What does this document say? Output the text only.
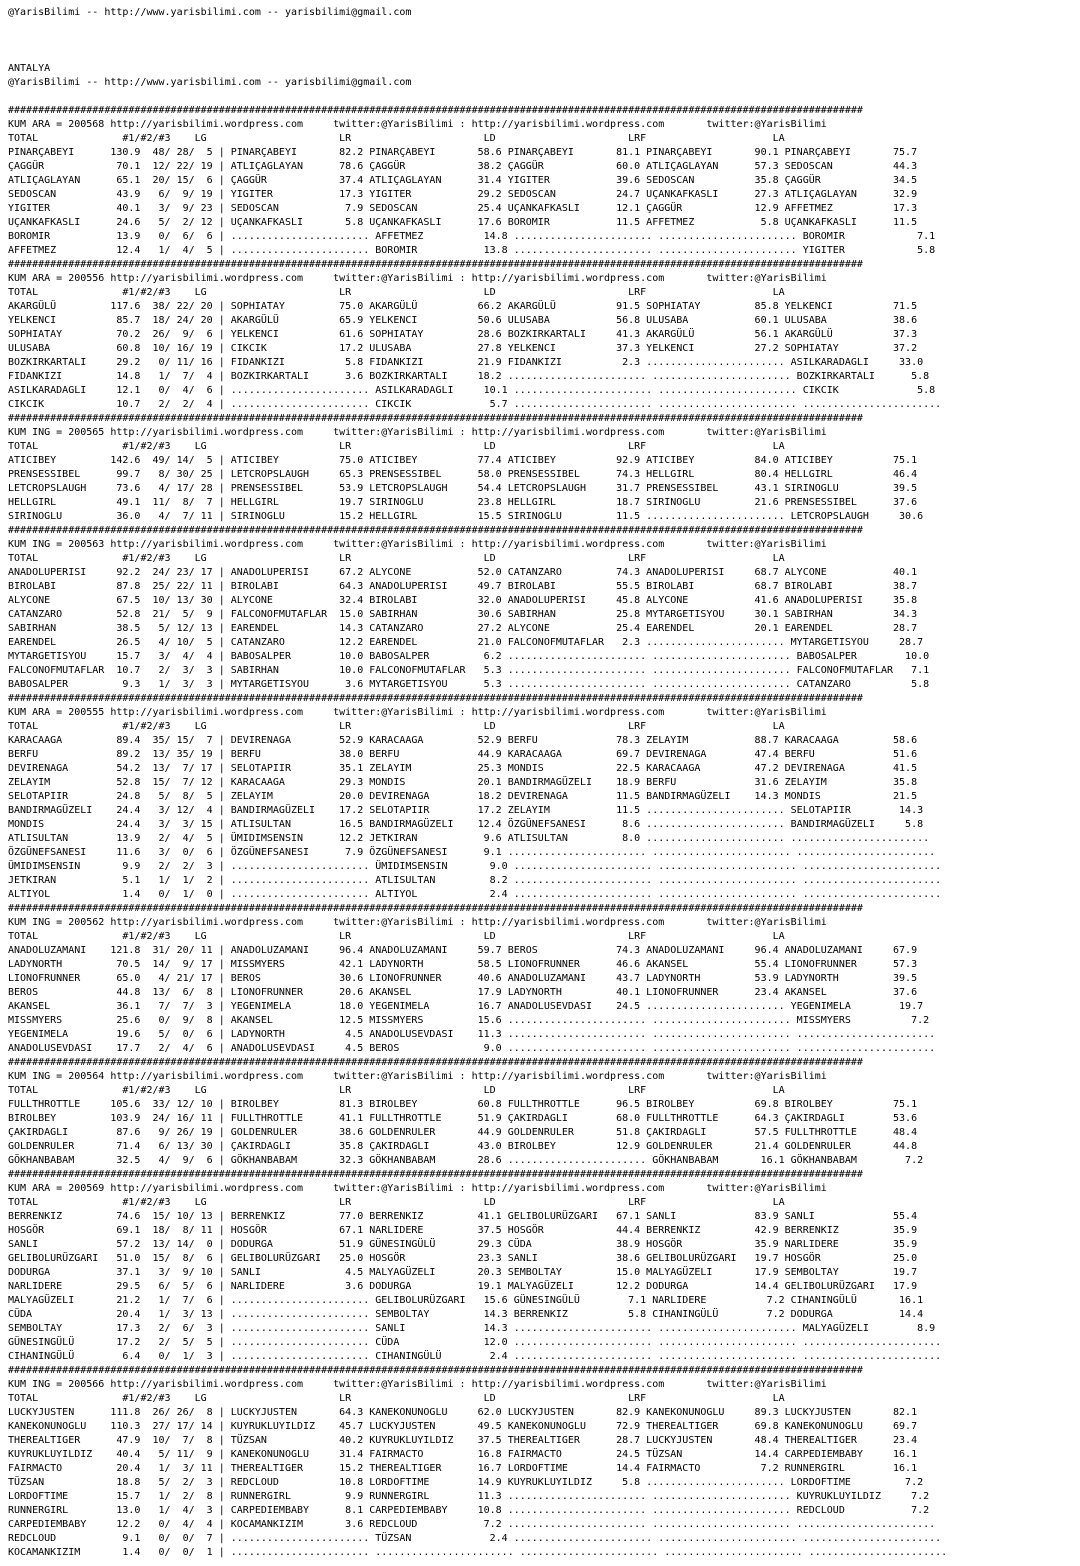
@YarisBilimi -- http://www.yarisbilimi.com -- yarisbilimi@gmail.com
ANTALYA
@YarisBilimi -- http://www.yarisbilimi.com -- yarisbilimi@gmail.com
##############################################################################################################################################
KUM ARA = 200568 http://yarisbilimi.wordpress.com     twitter:@YarisBilimi : http://yarisbilimi.wordpress.com       twitter:@YarisBilimi
TOTAL              #1/#2/#3    LG                      LR                      LD                      LRF                     LA
PINARÇABEYI      130.9  48/ 28/  5 | PINARÇABEYI       82.2 PINARÇABEYI       58.6 PINARÇABEYI       81.1 PINARÇABEYI       90.1 PINARÇABEYI       75.7
ÇAGGÜR            70.1  12/ 22/ 19 | ATLIÇAGLAYAN      78.6 ÇAGGÜR            38.2 ÇAGGÜR            60.0 ATLIÇAGLAYAN      57.3 SEDOSCAN          44.3
ATLIÇAGLAYAN      65.1  20/ 15/  6 | ÇAGGÜR            37.4 ATLIÇAGLAYAN      31.4 YIGITER           39.6 SEDOSCAN          35.8 ÇAGGÜR            34.5
SEDOSCAN          43.9   6/  9/ 19 | YIGITER           17.3 YIGITER           29.2 SEDOSCAN          24.7 UÇANKAFKASLI      27.3 ATLIÇAGLAYAN      32.9
YIGITER           40.1   3/  9/ 23 | SEDOSCAN           7.9 SEDOSCAN          25.4 UÇANKAFKASLI      12.1 ÇAGGÜR            12.9 AFFETMEZ          17.3
UÇANKAFKASLI      24.6   5/  2/ 12 | UÇANKAFKASLI       5.8 UÇANKAFKASLI      17.6 BOROMIR           11.5 AFFETMEZ           5.8 UÇANKAFKASLI      11.5
BOROMIR           13.9   0/  6/  6 | ....................... AFFETMEZ          14.8 ....................... ....................... BOROMIR            7.1
AFFETMEZ          12.4   1/  4/  5 | ....................... BOROMIR           13.8 ....................... ....................... YIGITER            5.8
##############################################################################################################################################
KUM ARA = 200556 http://yarisbilimi.wordpress.com     twitter:@YarisBilimi : http://yarisbilimi.wordpress.com       twitter:@YarisBilimi
TOTAL              #1/#2/#3    LG                      LR                      LD                      LRF                     LA
AKARGÜLÜ         117.6  38/ 22/ 20 | SOPHIATAY         75.0 AKARGÜLÜ          66.2 AKARGÜLÜ          91.5 SOPHIATAY         85.8 YELKENCI          71.5
YELKENCI          85.7  18/ 24/ 20 | AKARGÜLÜ          65.9 YELKENCI          50.6 ULUSABA           56.8 ULUSABA           60.1 ULUSABA           38.6
SOPHIATAY         70.2  26/  9/  6 | YELKENCI          61.6 SOPHIATAY         28.6 BOZKIRKARTALI     41.3 AKARGÜLÜ          56.1 AKARGÜLÜ          37.3
ULUSABA           60.8  10/ 16/ 19 | CIKCIK            17.2 ULUSABA           27.8 YELKENCI          37.3 YELKENCI          27.2 SOPHIATAY         37.2
BOZKIRKARTALI     29.2   0/ 11/ 16 | FIDANKIZI          5.8 FIDANKIZI         21.9 FIDANKIZI          2.3 ....................... ASILKARADAGLI     33.0
FIDANKIZI         14.8   1/  7/  4 | BOZKIRKARTALI      3.6 BOZKIRKARTALI     18.2 ....................... ....................... BOZKIRKARTALI      5.8
ASILKARADAGLI     12.1   0/  4/  6 | ....................... ASILKARADAGLI     10.1 ....................... ....................... CIKCIK             5.8
CIKCIK            10.7   2/  2/  4 | ....................... CIKCIK             5.7 ....................... ....................... .......................
##############################################################################################################################################
KUM ING = 200565 http://yarisbilimi.wordpress.com     twitter:@YarisBilimi : http://yarisbilimi.wordpress.com       twitter:@YarisBilimi
TOTAL              #1/#2/#3    LG                      LR                      LD                      LRF                     LA
ATICIBEY         142.6  49/ 14/  5 | ATICIBEY          75.0 ATICIBEY          77.4 ATICIBEY          92.9 ATICIBEY          84.0 ATICIBEY          75.1
PRENSESSIBEL      99.7   8/ 30/ 25 | LETCROPSLAUGH     65.3 PRENSESSIBEL      58.0 PRENSESSIBEL      74.3 HELLGIRL          80.4 HELLGIRL          46.4
LETCROPSLAUGH     73.6   4/ 17/ 28 | PRENSESSIBEL      53.9 LETCROPSLAUGH     54.4 LETCROPSLAUGH     31.7 PRENSESSIBEL      43.1 SIRINOGLU         39.5
HELLGIRL          49.1  11/  8/  7 | HELLGIRL          19.7 SIRINOGLU         23.8 HELLGIRL          18.7 SIRINOGLU         21.6 PRENSESSIBEL      37.6
SIRINOGLU         36.0   4/  7/ 11 | SIRINOGLU         15.2 HELLGIRL          15.5 SIRINOGLU         11.5 ....................... LETCROPSLAUGH     30.6
##############################################################################################################################################
KUM ING = 200563 http://yarisbilimi.wordpress.com     twitter:@YarisBilimi : http://yarisbilimi.wordpress.com       twitter:@YarisBilimi
TOTAL              #1/#2/#3    LG                      LR                      LD                      LRF                     LA
ANADOLUPERISI     92.2  24/ 23/ 17 | ANADOLUPERISI     67.2 ALYCONE           52.0 CATANZARO         74.3 ANADOLUPERISI     68.7 ALYCONE           40.1
BIROLABI          87.8  25/ 22/ 11 | BIROLABI          64.3 ANADOLUPERISI     49.7 BIROLABI          55.5 BIROLABI          68.7 BIROLABI          38.7
ALYCONE           67.5  10/ 13/ 30 | ALYCONE           32.4 BIROLABI          32.0 ANADOLUPERISI     45.8 ALYCONE           41.6 ANADOLUPERISI     35.8
CATANZARO         52.8  21/  5/  9 | FALCONOFMUTAFLAR  15.0 SABIRHAN          30.6 SABIRHAN          25.8 MYTARGETISYOU     30.1 SABIRHAN          34.3
SABIRHAN          38.5   5/ 12/ 13 | EARENDEL          14.3 CATANZARO         27.2 ALYCONE           25.4 EARENDEL          20.1 EARENDEL          28.7
EARENDEL          26.5   4/ 10/  5 | CATANZARO         12.2 EARENDEL          21.0 FALCONOFMUTAFLAR   2.3 ....................... MYTARGETISYOU     28.7
MYTARGETISYOU     15.7   3/  4/  4 | BABOSALPER        10.0 BABOSALPER         6.2 ....................... ....................... BABOSALPER        10.0
FALCONOFMUTAFLAR  10.7   2/  3/  3 | SABIRHAN          10.0 FALCONOFMUTAFLAR   5.3 ....................... ....................... FALCONOFMUTAFLAR   7.1
BABOSALPER         9.3   1/  3/  3 | MYTARGETISYOU      3.6 MYTARGETISYOU      5.3 ....................... ....................... CATANZARO          5.8
##############################################################################################################################################
KUM ARA = 200555 http://yarisbilimi.wordpress.com     twitter:@YarisBilimi : http://yarisbilimi.wordpress.com       twitter:@YarisBilimi
TOTAL              #1/#2/#3    LG                      LR                      LD                      LRF                     LA
KARACAAGA         89.4  35/ 15/  7 | DEVIRENAGA        52.9 KARACAAGA         52.9 BERFU             78.3 ZELAYIM           88.7 KARACAAGA         58.6
BERFU             89.2  13/ 35/ 19 | BERFU             38.0 BERFU             44.9 KARACAAGA         69.7 DEVIRENAGA        47.4 BERFU             51.6
DEVIRENAGA        54.2  13/  7/ 17 | SELOTAPIIR        35.1 ZELAYIM           25.3 MONDIS            22.5 KARACAAGA         47.2 DEVIRENAGA        41.5
ZELAYIM           52.8  15/  7/ 12 | KARACAAGA         29.3 MONDIS            20.1 BANDIRMAGÜZELI    18.9 BERFU             31.6 ZELAYIM           35.8
SELOTAPIIR        24.8   5/  8/  5 | ZELAYIM           20.0 DEVIRENAGA        18.2 DEVIRENAGA        11.5 BANDIRMAGÜZELI    14.3 MONDIS            21.5
BANDIRMAGÜZELI    24.4   3/ 12/  4 | BANDIRMAGÜZELI    17.2 SELOTAPIIR        17.2 ZELAYIM           11.5 ....................... SELOTAPIIR        14.3
MONDIS            24.4   3/  3/ 15 | ATLISULTAN        16.5 BANDIRMAGÜZELI    12.4 ÖZGÜNEFSANESI      8.6 ....................... BANDIRMAGÜZELI     5.8
ATLISULTAN        13.9   2/  4/  5 | ÜMIDIMSENSIN      12.2 JETKIRAN           9.6 ATLISULTAN         8.0 ....................... .......................
ÖZGÜNEFSANESI     11.6   3/  0/  6 | ÖZGÜNEFSANESI      7.9 ÖZGÜNEFSANESI      9.1 ....................... ....................... .......................
ÜMIDIMSENSIN       9.9   2/  2/  3 | ....................... ÜMIDIMSENSIN       9.0 ....................... ....................... .......................
JETKIRAN           5.1   1/  1/  2 | ....................... ATLISULTAN         8.2 ....................... ....................... .......................
ALTIYOL            1.4   0/  1/  0 | ....................... ALTIYOL            2.4 ....................... ....................... .......................
##############################################################################################################################################
KUM ING = 200562 http://yarisbilimi.wordpress.com     twitter:@YarisBilimi : http://yarisbilimi.wordpress.com       twitter:@YarisBilimi
TOTAL              #1/#2/#3    LG                      LR                      LD                      LRF                     LA
ANADOLUZAMANI    121.8  31/ 20/ 11 | ANADOLUZAMANI     96.4 ANADOLUZAMANI     59.7 BEROS             74.3 ANADOLUZAMANI     96.4 ANADOLUZAMANI     67.9
LADYNORTH         70.5  14/  9/ 17 | MISSMYERS         42.1 LADYNORTH         58.5 LIONOFRUNNER      46.6 AKANSEL           55.4 LIONOFRUNNER      57.3
LIONOFRUNNER      65.0   4/ 21/ 17 | BEROS             30.6 LIONOFRUNNER      40.6 ANADOLUZAMANI     43.7 LADYNORTH         53.9 LADYNORTH         39.5
BEROS             44.8  13/  6/  8 | LIONOFRUNNER      20.6 AKANSEL           17.9 LADYNORTH         40.1 LIONOFRUNNER      23.4 AKANSEL           37.6
AKANSEL           36.1   7/  7/  3 | YEGENIMELA        18.0 YEGENIMELA        16.7 ANADOLUSEVDASI    24.5 ....................... YEGENIMELA        19.7
MISSMYERS         25.6   0/  9/  8 | AKANSEL           12.5 MISSMYERS         15.6 ....................... ....................... MISSMYERS          7.2
YEGENIMELA        19.6   5/  0/  6 | LADYNORTH          4.5 ANADOLUSEVDASI    11.3 ....................... ....................... .......................
ANADOLUSEVDASI    17.7   2/  4/  6 | ANADOLUSEVDASI     4.5 BEROS              9.0 ....................... ....................... .......................
##############################################################################################################################################
KUM ING = 200564 http://yarisbilimi.wordpress.com     twitter:@YarisBilimi : http://yarisbilimi.wordpress.com       twitter:@YarisBilimi
TOTAL              #1/#2/#3    LG                      LR                      LD                      LRF                     LA
FULLTHROTTLE     105.6  33/ 12/ 10 | BIROLBEY          81.3 BIROLBEY          60.8 FULLTHROTTLE      96.5 BIROLBEY          69.8 BIROLBEY          75.1
BIROLBEY         103.9  24/ 16/ 11 | FULLTHROTTLE      41.1 FULLTHROTTLE      51.9 ÇAKIRDAGLI        68.0 FULLTHROTTLE      64.3 ÇAKIRDAGLI        53.6
ÇAKIRDAGLI        87.6   9/ 26/ 19 | GOLDENRULER       38.6 GOLDENRULER       44.9 GOLDENRULER       51.8 ÇAKIRDAGLI        57.5 FULLTHROTTLE      48.4
GOLDENRULER       71.4   6/ 13/ 30 | ÇAKIRDAGLI        35.8 ÇAKIRDAGLI        43.0 BIROLBEY          12.9 GOLDENRULER       21.4 GOLDENRULER       44.8
GÖKHANBABAM       32.5   4/  9/  6 | GÖKHANBABAM       32.3 GÖKHANBABAM       28.6 ....................... GÖKHANBABAM       16.1 GÖKHANBABAM        7.2
##############################################################################################################################################
KUM ARA = 200569 http://yarisbilimi.wordpress.com     twitter:@YarisBilimi : http://yarisbilimi.wordpress.com       twitter:@YarisBilimi
TOTAL              #1/#2/#3    LG                      LR                      LD                      LRF                     LA
BERRENKIZ         74.6  15/ 10/ 13 | BERRENKIZ         77.0 BERRENKIZ         41.1 GELIBOLURÜZGARI   67.1 SANLI             83.9 SANLI             55.4
HOSGÖR            69.1  18/  8/ 11 | HOSGÖR            67.1 NARLIDERE         37.5 HOSGÖR            44.4 BERRENKIZ         42.9 BERRENKIZ         35.9
SANLI             57.2  13/ 14/  0 | DODURGA           51.9 GÜNESINGÜLÜ       29.3 CÜDA              38.9 HOSGÖR            35.9 NARLIDERE         35.9
GELIBOLURÜZGARI   51.0  15/  8/  6 | GELIBOLURÜZGARI   25.0 HOSGÖR            23.3 SANLI             38.6 GELIBOLURÜZGARI   19.7 HOSGÖR            25.0
DODURGA           37.1   3/  9/ 10 | SANLI              4.5 MALYAGÜZELI       20.3 SEMBOLTAY         15.0 MALYAGÜZELI       17.9 SEMBOLTAY         19.7
NARLIDERE         29.5   6/  5/  6 | NARLIDERE          3.6 DODURGA           19.1 MALYAGÜZELI       12.2 DODURGA           14.4 GELIBOLURÜZGARI   17.9
MALYAGÜZELI       21.2   1/  7/  6 | ....................... GELIBOLURÜZGARI   15.6 GÜNESINGÜLÜ        7.1 NARLIDERE          7.2 CIHANINGÜLÜ       16.1
CÜDA              20.4   1/  3/ 13 | ....................... SEMBOLTAY         14.3 BERRENKIZ          5.8 CIHANINGÜLÜ        7.2 DODURGA           14.4
SEMBOLTAY         17.3   2/  6/  3 | ....................... SANLI             14.3 ....................... ....................... MALYAGÜZELI        8.9
GÜNESINGÜLÜ       17.2   2/  5/  5 | ....................... CÜDA              12.0 ....................... ....................... .......................
CIHANINGÜLÜ        6.4   0/  1/  3 | ....................... CIHANINGÜLÜ        2.4 ....................... ....................... .......................
##############################################################################################################################################
KUM ING = 200566 http://yarisbilimi.wordpress.com     twitter:@YarisBilimi : http://yarisbilimi.wordpress.com       twitter:@YarisBilimi
TOTAL              #1/#2/#3    LG                      LR                      LD                      LRF                     LA
LUCKYJUSTEN      111.8  26/ 26/  8 | LUCKYJUSTEN       64.3 KANEKONUNOGLU     62.0 LUCKYJUSTEN       82.9 KANEKONUNOGLU     89.3 LUCKYJUSTEN       82.1
KANEKONUNOGLU    110.3  27/ 17/ 14 | KUYRUKLUYILDIZ    45.7 LUCKYJUSTEN       49.5 KANEKONUNOGLU     72.9 THEREALTIGER      69.8 KANEKONUNOGLU     69.7
THEREALTIGER      47.9  10/  7/  8 | TÜZSAN            40.2 KUYRUKLUYILDIZ    37.5 THEREALTIGER      28.7 LUCKYJUSTEN       48.4 THEREALTIGER      23.4
KUYRUKLUYILDIZ    40.4   5/ 11/  9 | KANEKONUNOGLU     31.4 FAIRMACTO         16.8 FAIRMACTO         24.5 TÜZSAN            14.4 CARPEDIEMBABY     16.1
FAIRMACTO         20.4   1/  3/ 11 | THEREALTIGER      15.2 THEREALTIGER      16.7 LORDOFTIME        14.4 FAIRMACTO          7.2 RUNNERGIRL        16.1
TÜZSAN            18.8   5/  2/  3 | REDCLOUD          10.8 LORDOFTIME        14.9 KUYRUKLUYILDIZ     5.8 ....................... LORDOFTIME         7.2
LORDOFTIME        15.7   1/  2/  8 | RUNNERGIRL         9.9 RUNNERGIRL        11.3 ....................... ....................... KUYRUKLUYILDIZ     7.2
RUNNERGIRL        13.0   1/  4/  3 | CARPEDIEMBABY      8.1 CARPEDIEMBABY     10.8 ....................... ....................... REDCLOUD           7.2
CARPEDIEMBABY     12.2   0/  4/  4 | KOCAMANKIZIM       3.6 REDCLOUD           7.2 ....................... ....................... .......................
REDCLOUD           9.1   0/  0/  7 | ....................... TÜZSAN             2.4 ....................... ....................... .......................
KOCAMANKIZIM       1.4   0/  0/  1 | ....................... ....................... ....................... ....................... .......................
